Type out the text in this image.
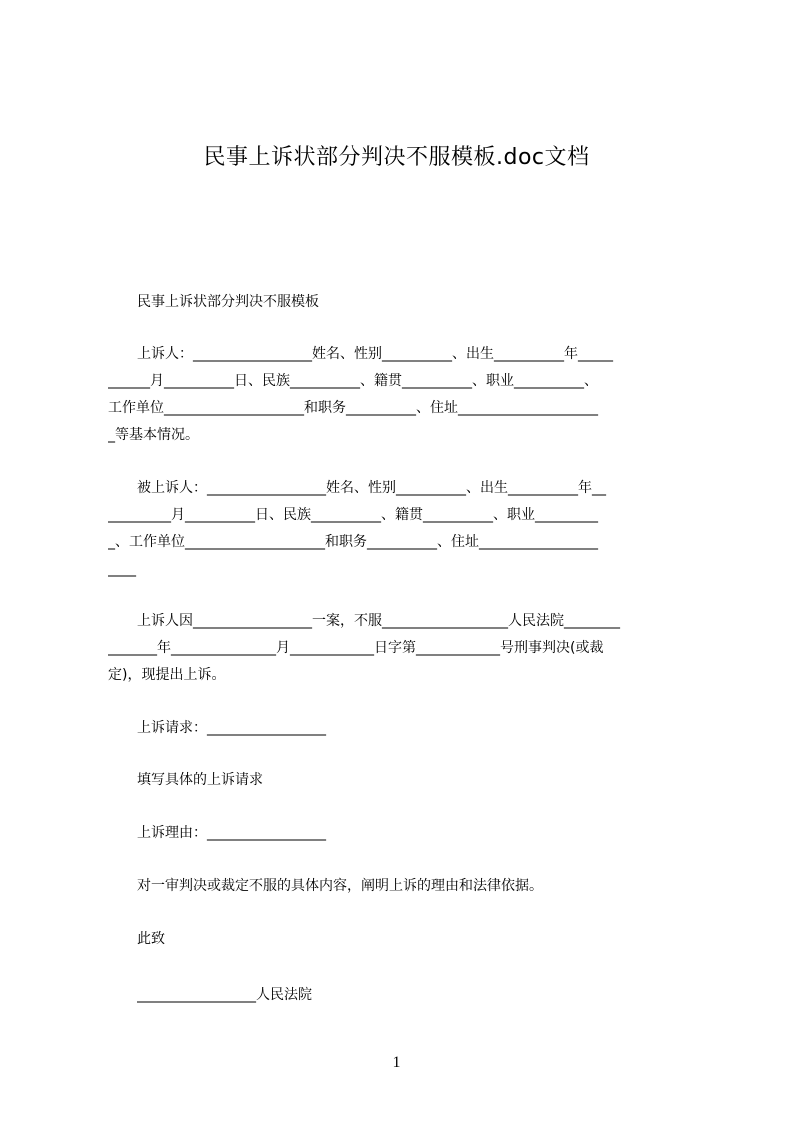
民事上诉状部分判决不服模板.doc文档
民事上诉状部分判决不服模板
上诉人：_________________姓名、性别__________、出生__________年_____
______月__________日、民族__________、籍贯__________、职业__________、
工作单位____________________和职务__________、住址____________________
_等基本情况。
被上诉人：_________________姓名、性别__________、出生__________年__
_________月__________日、民族__________、籍贯__________、职业_________
_、工作单位____________________和职务__________、住址_________________
____
上诉人因_________________一案，不服__________________人民法院________
_______年_______________月____________日字第____________号刑事判决(或裁
定)，现提出上诉。
上诉请求：_________________
填写具体的上诉请求
上诉理由：_________________
对一审判决或裁定不服的具体内容，阐明上诉的理由和法律依据。
此致
_________________人民法院
1
